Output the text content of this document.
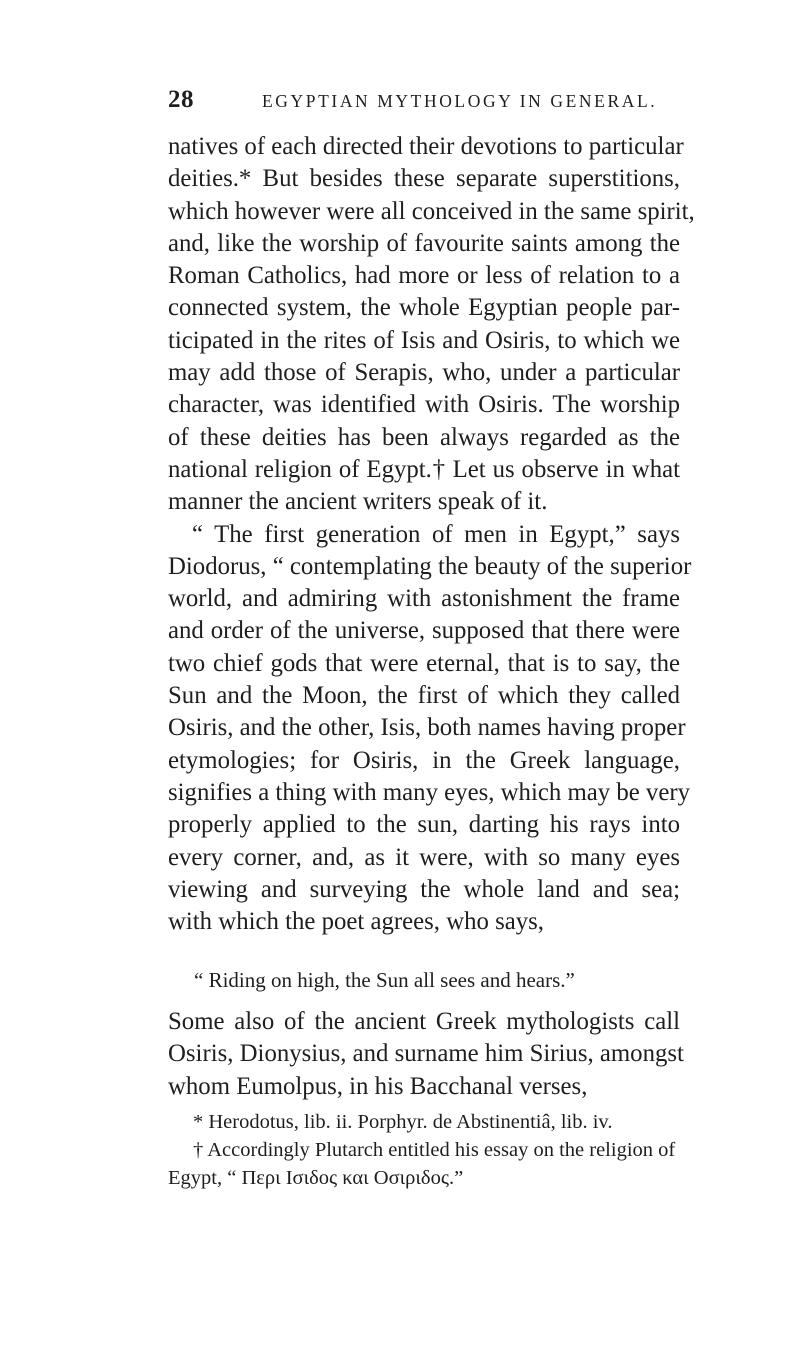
28	EGYPTIAN MYTHOLOGY IN GENERAL.
natives of each directed their devotions to particular
deities.* But besides these separate superstitions,
which however were all conceived in the same spirit,
and, like the worship of favourite saints among the
Roman Catholics, had more or less of relation to a
connected system, the whole Egyptian people par-
ticipated in the rites of Isis and Osiris, to which we
may add those of Serapis, who, under a particular
character, was identified with Osiris. The worship
of these deities has been always regarded as the
national religion of Egypt.† Let us observe in what
manner the ancient writers speak of it.
“ The first generation of men in Egypt,” says
Diodorus, “ contemplating the beauty of the superior
world, and admiring with astonishment the frame
and order of the universe, supposed that there were
two chief gods that were eternal, that is to say, the
Sun and the Moon, the first of which they called
Osiris, and the other, Isis, both names having proper
etymologies; for Osiris, in the Greek language,
signifies a thing with many eyes, which may be very
properly applied to the sun, darting his rays into
every corner, and, as it were, with so many eyes
viewing and surveying the whole land and sea;
with which the poet agrees, who says,
“ Riding on high, the Sun all sees and hears.”
Some also of the ancient Greek mythologists call
Osiris, Dionysius, and surname him Sirius, amongst
whom Eumolpus, in his Bacchanal verses,
* Herodotus, lib. ii. Porphyr. de Abstinentiâ, lib. iv.
† Accordingly Plutarch entitled his essay on the religion of
Egypt, “ Περι Ισιδος και Οσιριδος.”
